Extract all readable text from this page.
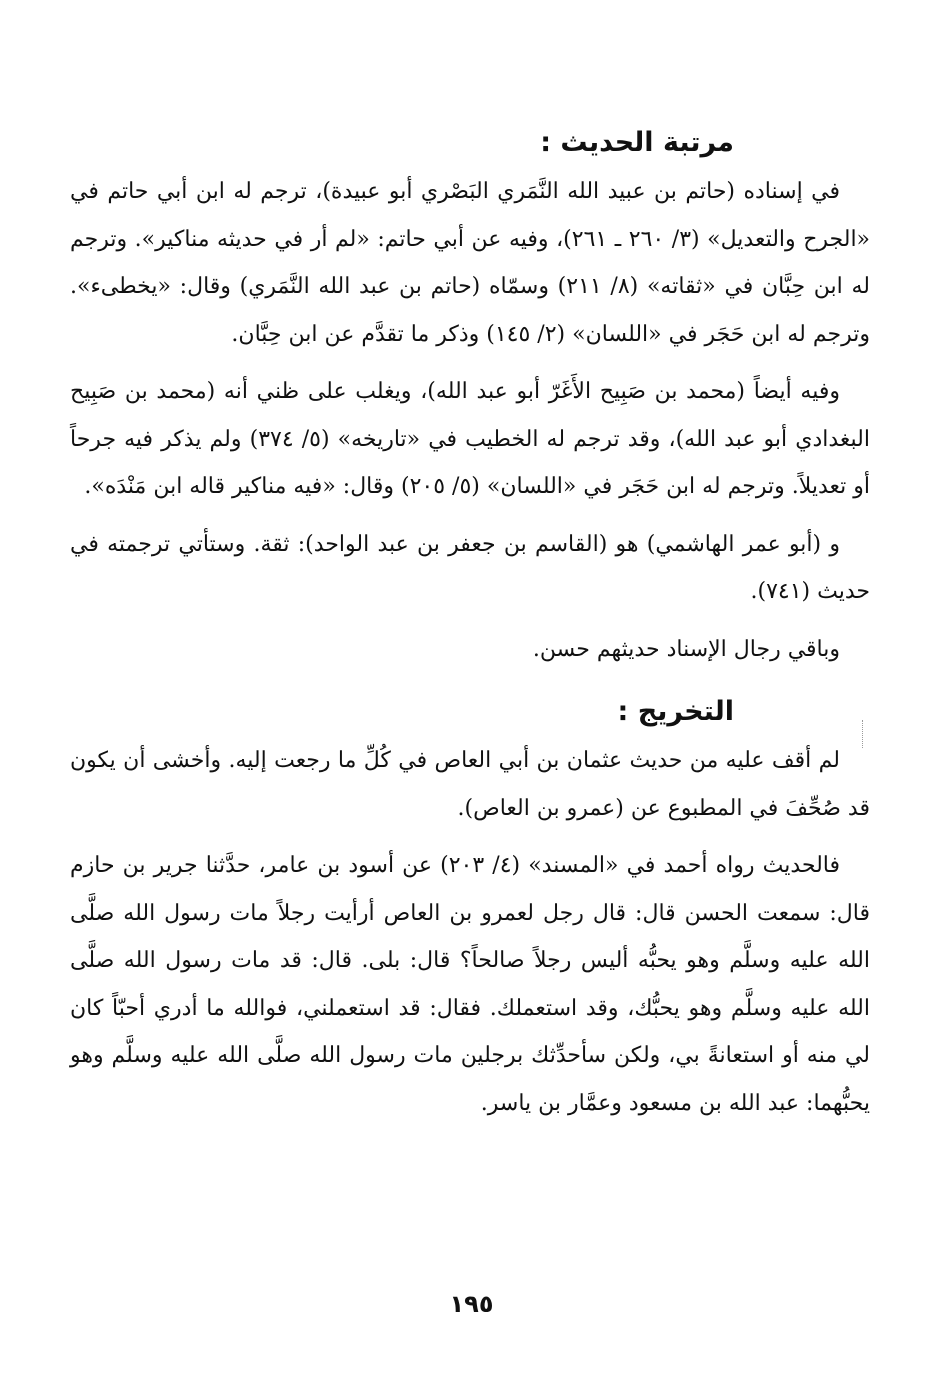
مرتبة الحديث :

في إسناده (حاتم بن عبيد الله النَّمَري البَصْري أبو عبيدة)، ترجم له ابن أبي حاتم في «الجرح والتعديل» (٣/ ٢٦٠ ـ ٢٦١)، وفيه عن أبي حاتم: «لم أر في حديثه مناكير». وترجم له ابن حِبَّان في «ثقاته» (٨/ ٢١١) وسمّاه (حاتم بن عبد الله النَّمَري) وقال: «يخطىء». وترجم له ابن حَجَر في «اللسان» (٢/ ١٤٥) وذكر ما تقدَّم عن ابن حِبَّان.

وفيه أيضاً (محمد بن صَبِيح الأَغَرّ أبو عبد الله)، ويغلب على ظني أنه (محمد بن صَبِيح البغدادي أبو عبد الله)، وقد ترجم له الخطيب في «تاريخه» (٥/ ٣٧٤) ولم يذكر فيه جرحاً أو تعديلاً. وترجم له ابن حَجَر في «اللسان» (٥/ ٢٠٥) وقال: «فيه مناكير قاله ابن مَنْدَه».

و (أبو عمر الهاشمي) هو (القاسم بن جعفر بن عبد الواحد): ثقة. وستأتي ترجمته في حديث (٧٤١).

وباقي رجال الإسناد حديثهم حسن.

التخريج :

لم أقف عليه من حديث عثمان بن أبي العاص في كُلِّ ما رجعت إليه. وأخشى أن يكون قد صُحِّفَ في المطبوع عن (عمرو بن العاص).

فالحديث رواه أحمد في «المسند» (٤/ ٢٠٣) عن أسود بن عامر، حدَّثنا جرير بن حازم قال: سمعت الحسن قال: قال رجل لعمرو بن العاص أرأيت رجلاً مات رسول الله صلَّى الله عليه وسلَّم وهو يحبُّه أليس رجلاً صالحاً؟ قال: بلى. قال: قد مات رسول الله صلَّى الله عليه وسلَّم وهو يحبُّك، وقد استعملك. فقال: قد استعملني، فوالله ما أدري أحبّاً كان لي منه أو استعانةً بي، ولكن سأحدِّثك برجلين مات رسول الله صلَّى الله عليه وسلَّم وهو يحبُّهما: عبد الله بن مسعود وعمَّار بن ياسر.

١٩٥
